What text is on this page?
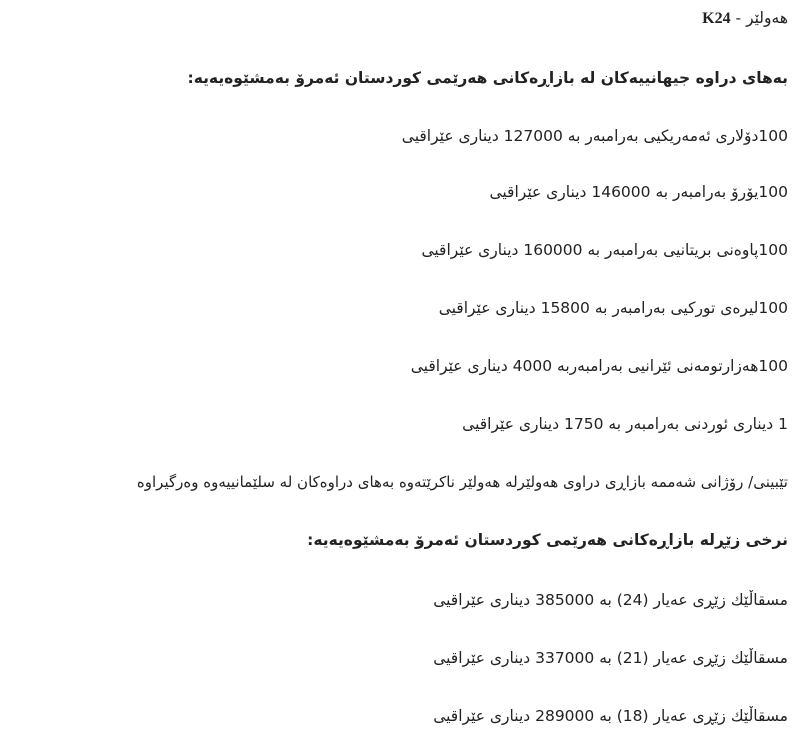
هەولێر - K24
بەهای دراوە جیهانییەکان لە بازاڕەکانی هەرێمی کوردستان ئەمرۆ بەمشێوەیەیە:
100دۆلاری ئەمەریکیی بەرامبەر بە 127000 دیناری عێراقیی
100یۆرۆ بەرامبەر بە 146000 دیناری عێراقیی
100پاوەنی بریتانیی بەرامبەر بە 160000 دیناری عێراقیی
100لیرەی تورکیی بەرامبەر بە 15800 دیناری عێراقیی
100هەزارتومەنی ئێرانیی بەرامبەربە 4000 دیناری عێراقیی
1 دیناری ئوردنی بەرامبەر بە 1750 دیناری عێراقیی
تێبینی/ رۆژانی شەممە بازاڕی دراوی هەولێرلە هەولێر ناکرێتەوە بەهای دراوەکان لە سلێمانییەوە وەرگیراوە
نرخی زێڕلە بازاڕەکانی هەرێمی کوردستان ئەمرۆ بەمشێوەیەیە:
مسقاڵێك زێڕی عەیار (24) بە 385000 دیناری عێراقیی
مسقاڵێك زێڕی عەیار (21) بە 337000 دیناری عێراقیی
مسقاڵێك زێڕی عەیار (18) بە 289000 دیناری عێراقیی
